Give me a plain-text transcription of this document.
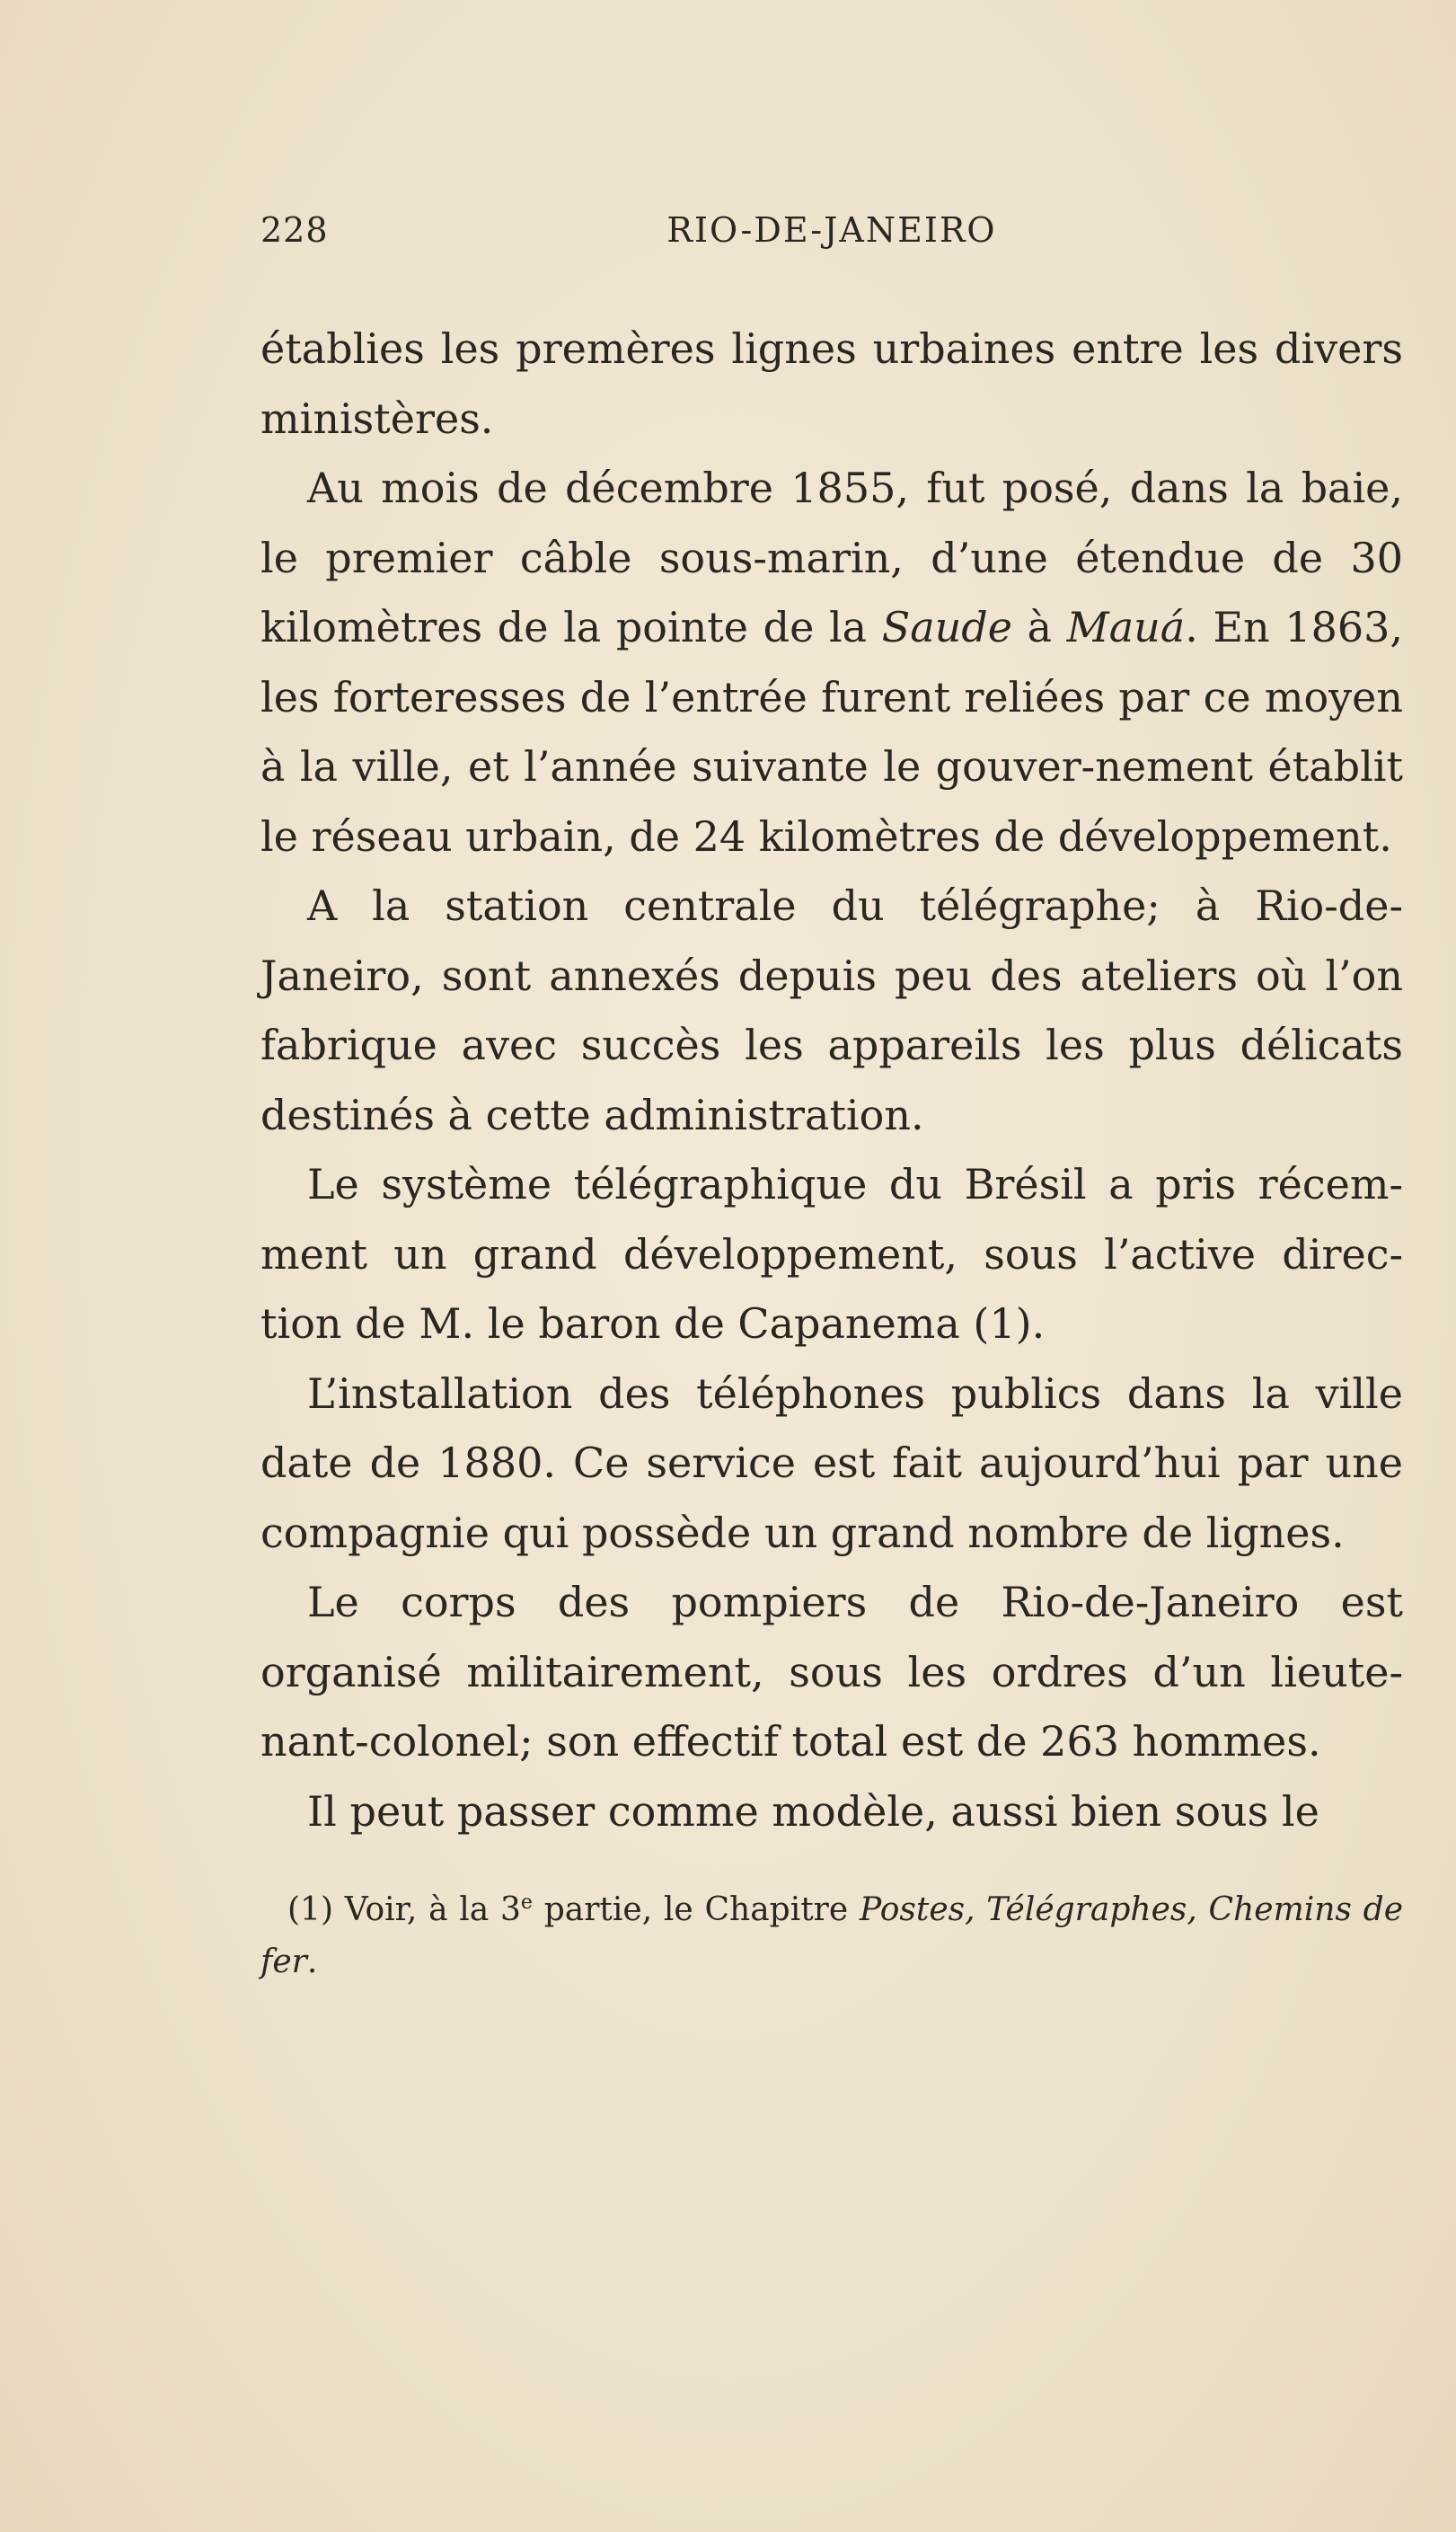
228	RIO-DE-JANEIRO

établies les premères lignes urbaines entre les divers ministères.

Au mois de décembre 1855, fut posé, dans la baie, le premier câble sous-marin, d’une étendue de 30 kilomètres de la pointe de la Saude à Mauá. En 1863, les forteresses de l’entrée furent reliées par ce moyen à la ville, et l’année suivante le gouver-nement établit le réseau urbain, de 24 kilomètres de développement.

A la station centrale du télégraphe; à Rio-de-Janeiro, sont annexés depuis peu des ateliers où l’on fabrique avec succès les appareils les plus délicats destinés à cette administration.

Le système télégraphique du Brésil a pris récem-ment un grand développement, sous l’active direc-tion de M. le baron de Capanema (1).

L’installation des téléphones publics dans la ville date de 1880. Ce service est fait aujourd’hui par une compagnie qui possède un grand nombre de lignes.

Le corps des pompiers de Rio-de-Janeiro est organisé militairement, sous les ordres d’un lieute-nant-colonel; son effectif total est de 263 hommes.

Il peut passer comme modèle, aussi bien sous le

(1) Voir, à la 3e partie, le Chapitre Postes, Télégraphes, Chemins de fer.
